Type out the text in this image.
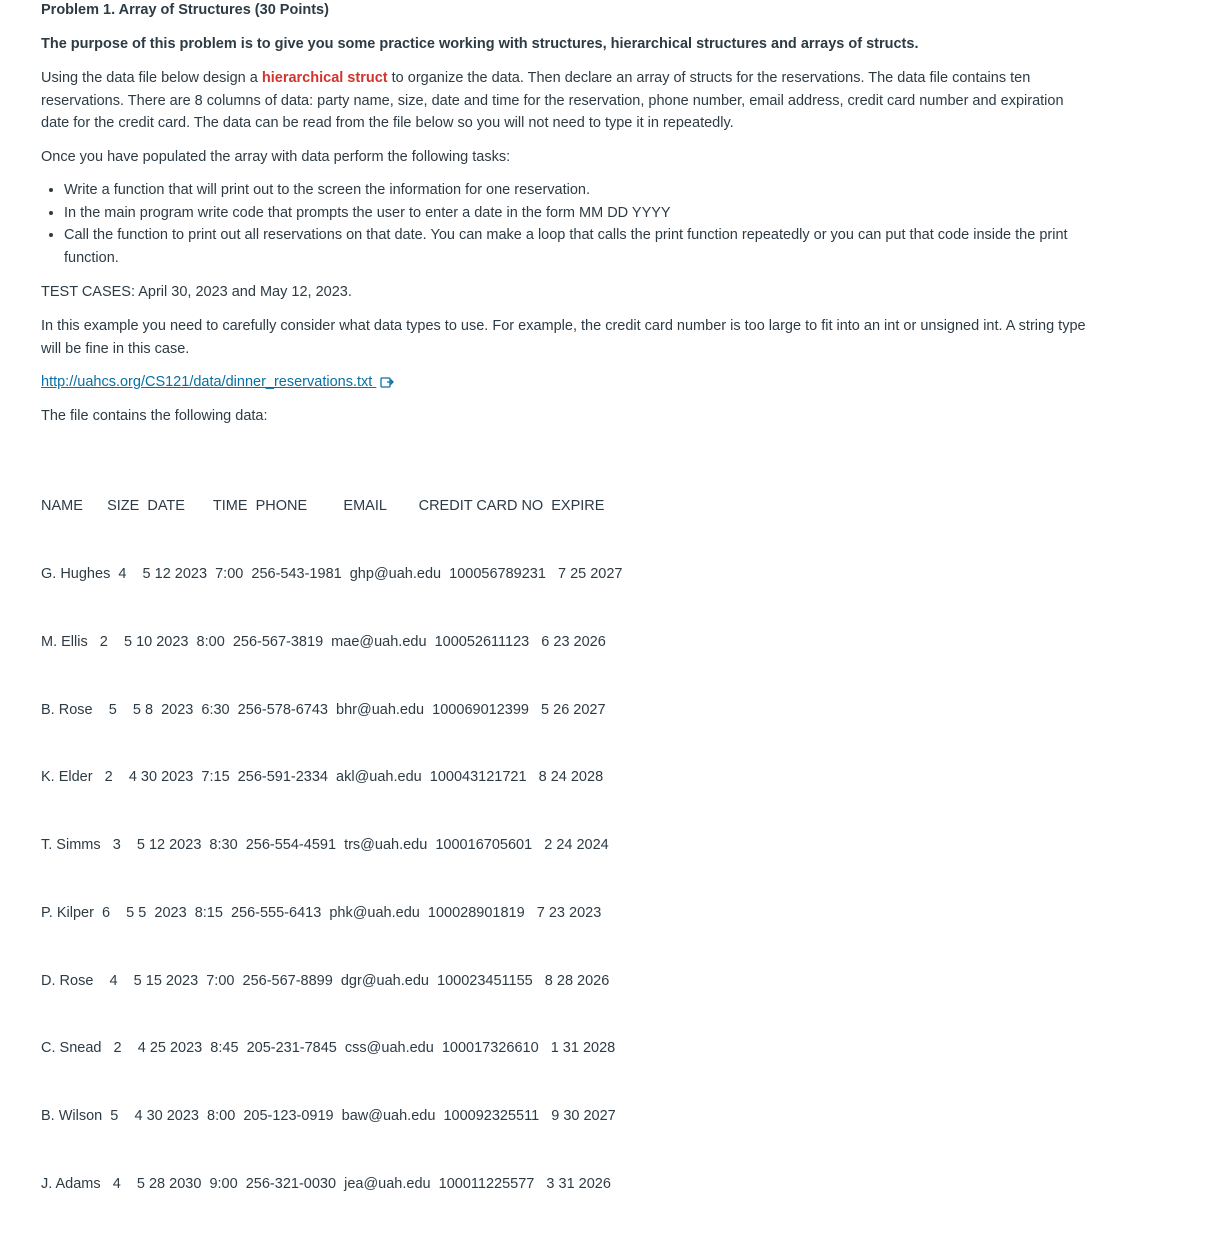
Problem 1. Array of Structures (30 Points)

The purpose of this problem is to give you some practice working with structures, hierarchical structures and arrays of structs.

Using the data file below design a hierarchical struct to organize the data. Then declare an array of structs for the reservations. The data file contains ten reservations. There are 8 columns of data: party name, size, date and time for the reservation, phone number, email address, credit card number and expiration date for the credit card. The data can be read from the file below so you will not need to type it in repeatedly.

Once you have populated the array with data perform the following tasks:

• Write a function that will print out to the screen the information for one reservation.
• In the main program write code that prompts the user to enter a date in the form MM DD YYYY
• Call the function to print out all reservations on that date. You can make a loop that calls the print function repeatedly or you can put that code inside the print function.

TEST CASES: April 30, 2023 and May 12, 2023.

In this example you need to carefully consider what data types to use. For example, the credit card number is too large to fit into an int or unsigned int. A string type will be fine in this case.

http://uahcs.org/CS121/data/dinner_reservations.txt

The file contains the following data:

NAME      SIZE  DATE       TIME  PHONE         EMAIL        CREDIT CARD NO  EXPIRE

G. Hughes  4    5 12 2023  7:00  256-543-1981  ghp@uah.edu  100056789231   7 25 2027

M. Ellis   2    5 10 2023  8:00  256-567-3819  mae@uah.edu  100052611123   6 23 2026

B. Rose    5    5 8  2023  6:30  256-578-6743  bhr@uah.edu  100069012399   5 26 2027

K. Elder   2    4 30 2023  7:15  256-591-2334  akl@uah.edu  100043121721   8 24 2028

T. Simms   3    5 12 2023  8:30  256-554-4591  trs@uah.edu  100016705601   2 24 2024

P. Kilper  6    5 5  2023  8:15  256-555-6413  phk@uah.edu  100028901819   7 23 2023

D. Rose    4    5 15 2023  7:00  256-567-8899  dgr@uah.edu  100023451155   8 28 2026

C. Snead   2    4 25 2023  8:45  205-231-7845  css@uah.edu  100017326610   1 31 2028

B. Wilson  5    4 30 2023  8:00  205-123-0919  baw@uah.edu  100092325511   9 30 2027

J. Adams   4    5 28 2030  9:00  256-321-0030  jea@uah.edu  100011225577   3 31 2026
